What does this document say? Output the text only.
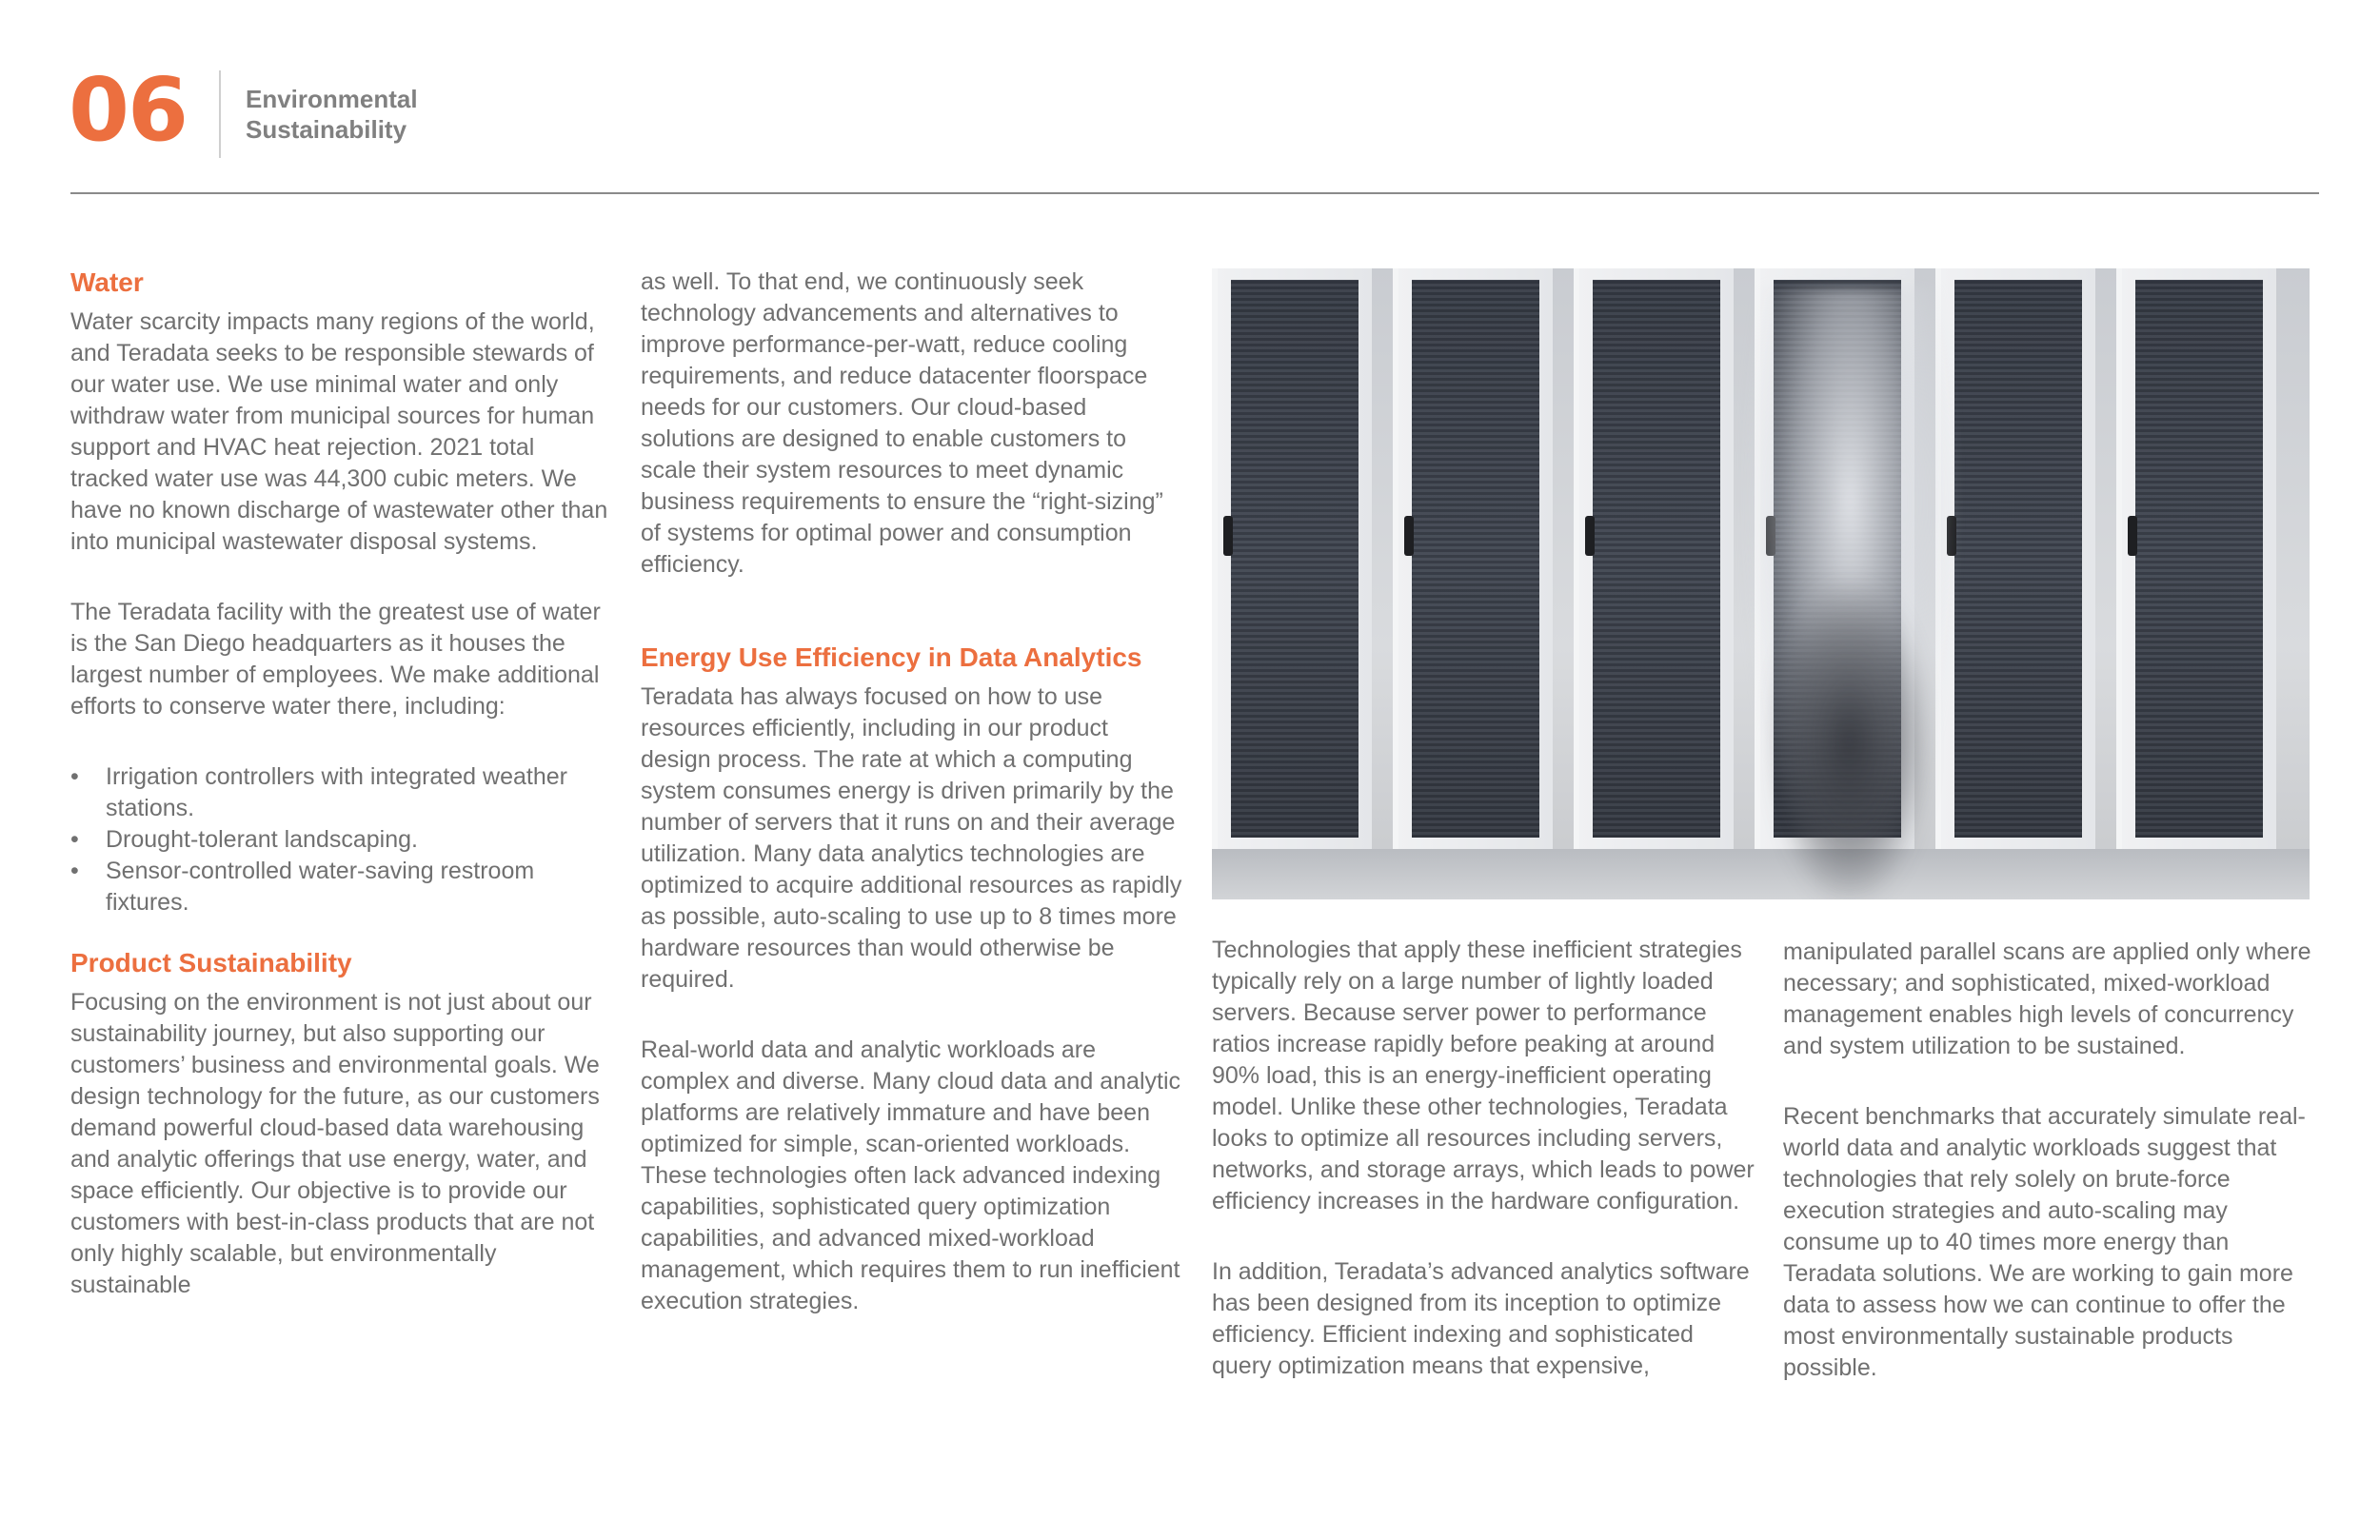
06 Environmental
Sustainability
Water

Water scarcity impacts many regions of the world, and Teradata seeks to be responsible stewards of our water use. We use minimal water and only withdraw water from municipal sources for human support and HVAC heat rejection. 2021 total tracked water use was 44,300 cubic meters. We have no known discharge of wastewater other than into municipal wastewater disposal systems.

The Teradata facility with the greatest use of water is the San Diego headquarters as it houses the largest number of employees. We make additional efforts to conserve water there, including:

• Irrigation controllers with integrated weather stations.
• Drought-tolerant landscaping.
• Sensor-controlled water-saving restroom fixtures.
Product Sustainability

Focusing on the environment is not just about our sustainability journey, but also supporting our customers’ business and environmental goals. We design technology for the future, as our customers demand powerful cloud-based data warehousing and analytic offerings that use energy, water, and space efficiently. Our objective is to provide our customers with best-in-class products that are not only highly scalable, but environmentally sustainable

as well. To that end, we continuously seek technology advancements and alternatives to improve performance-per-watt, reduce cooling requirements, and reduce datacenter floorspace needs for our customers. Our cloud-based solutions are designed to enable customers to scale their system resources to meet dynamic business requirements to ensure the “right-sizing” of systems for optimal power and consumption efficiency.

Energy Use Efficiency in Data Analytics

Teradata has always focused on how to use resources efficiently, including in our product design process. The rate at which a computing system consumes energy is driven primarily by the number of servers that it runs on and their average utilization. Many data analytics technologies are optimized to acquire additional resources as rapidly as possible, auto-scaling to use up to 8 times more hardware resources than would otherwise be required.

Real-world data and analytic workloads are complex and diverse. Many cloud data and analytic platforms are relatively immature and have been optimized for simple, scan-oriented workloads. These technologies often lack advanced indexing capabilities, sophisticated query optimization capabilities, and advanced mixed-workload management, which requires them to run inefficient execution strategies.

Technologies that apply these inefficient strategies typically rely on a large number of lightly loaded servers. Because server power to performance ratios increase rapidly before peaking at around 90% load, this is an energy-inefficient operating model. Unlike these other technologies, Teradata looks to optimize all resources including servers, networks, and storage arrays, which leads to power efficiency increases in the hardware configuration.

In addition, Teradata’s advanced analytics software has been designed from its inception to optimize efficiency. Efficient indexing and sophisticated query optimization means that expensive,

manipulated parallel scans are applied only where necessary; and sophisticated, mixed-workload management enables high levels of concurrency and system utilization to be sustained.

Recent benchmarks that accurately simulate real-world data and analytic workloads suggest that technologies that rely solely on brute-force execution strategies and auto-scaling may consume up to 40 times more energy than Teradata solutions. We are working to gain more data to assess how we can continue to offer the most environmentally sustainable products possible.
